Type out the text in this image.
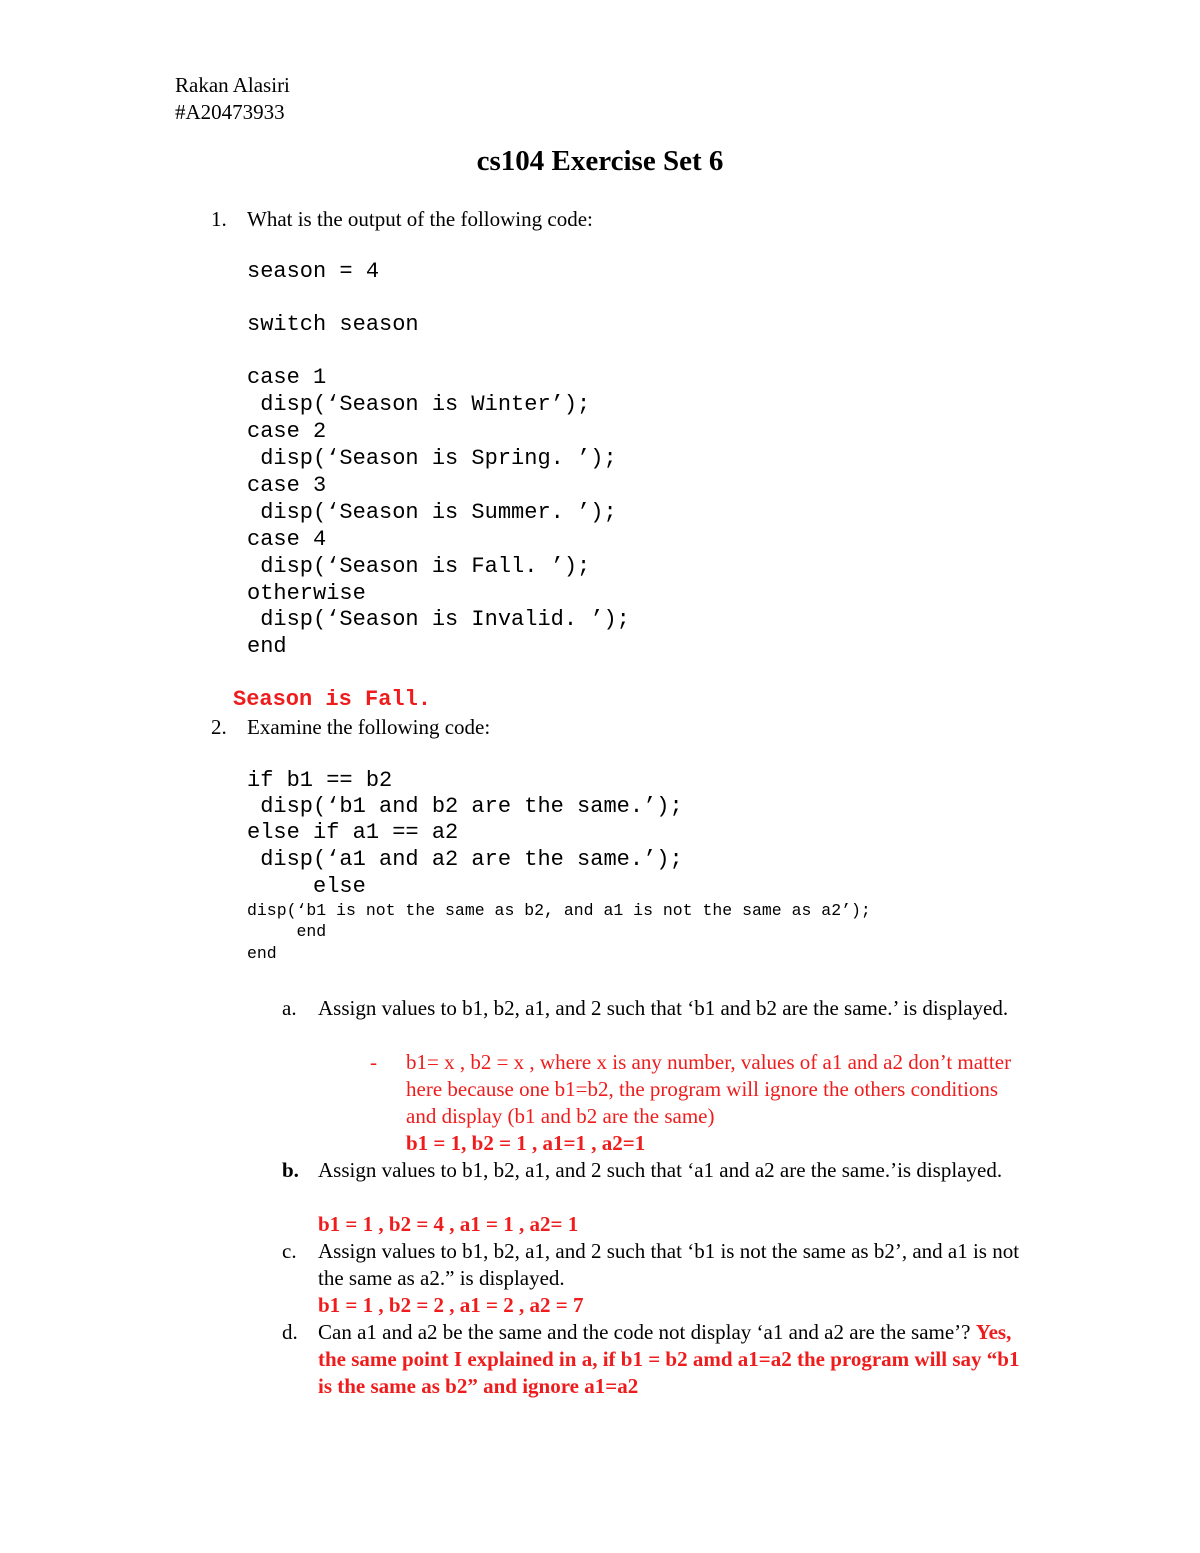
Rakan Alasiri
#A20473933
cs104 Exercise Set 6
1. What is the output of the following code:
season = 4
switch season
case 1
disp(‘Season is Winter’);
case 2
disp(‘Season is Spring. ’);
case 3
disp(‘Season is Summer. ’);
case 4
disp(‘Season is Fall. ’);
otherwise
disp(‘Season is Invalid. ’);
end
Season is Fall.
2. Examine the following code:
if b1 == b2
disp(‘b1 and b2 are the same.’);
else if a1 == a2
disp(‘a1 and a2 are the same.’);
else
disp(‘b1 is not the same as b2, and a1 is not the same as a2’);
end
end
a. Assign values to b1, b2, a1, and 2 such that ‘b1 and b2 are the same.’ is displayed.
- b1= x , b2 = x , where x is any number, values of a1 and a2 don’t matter here because one b1=b2, the program will ignore the others conditions and display (b1 and b2 are the same)
b1 = 1, b2 = 1 , a1=1 , a2=1
b. Assign values to b1, b2, a1, and 2 such that ‘a1 and a2 are the same.’is displayed.
b1 = 1 , b2 = 4 , a1 = 1 , a2= 1
c. Assign values to b1, b2, a1, and 2 such that ‘b1 is not the same as b2’, and a1 is not the same as a2.” is displayed.
b1 = 1 , b2 = 2 , a1 = 2 , a2 = 7
d. Can a1 and a2 be the same and the code not display ‘a1 and a2 are the same’? Yes, the same point I explained in a, if b1 = b2 amd a1=a2 the program will say “b1 is the same as b2” and ignore a1=a2
